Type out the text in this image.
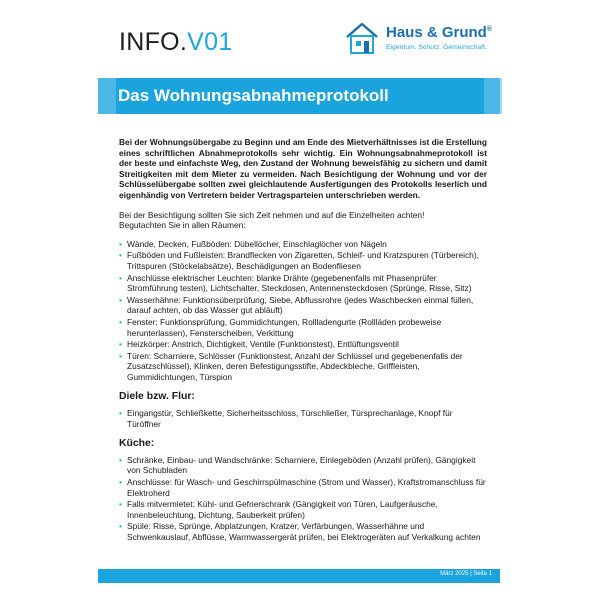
INFO.V01	Haus & Grund®
Eigentum. Schutz. Gemeinschaft.
Das Wohnungsabnahmeprotokoll

Bei der Wohnungsübergabe zu Beginn und am Ende des Mietverhältnisses ist die Erstellung eines schriftlichen Abnahmeprotokolls sehr wichtig. Ein Wohnungsabnahmeprotokoll ist der beste und einfachste Weg, den Zustand der Wohnung beweisfähig zu sichern und damit Streitigkeiten mit dem Mieter zu vermeiden. Nach Besichtigung der Wohnung und vor der Schlüsselübergabe sollten zwei gleichlautende Ausfertigungen des Protokolls leserlich und eigenhändig von Vertretern beider Vertragsparteien unterschrieben werden.

Bei der Besichtigung sollten Sie sich Zeit nehmen und auf die Einzelheiten achten!

Begutachten Sie in allen Räumen:

• Wände, Decken, Fußböden: Dübellöcher, Einschlaglöcher von Nägeln
• Fußböden und Fußleisten: Brandflecken von Zigaretten, Schleif- und Kratzspuren (Türbereich), Trittspuren (Stöckelabsätze), Beschädigungen an Bodenfliesen
• Anschlüsse elektrischer Leuchten: blanke Drähte (gegebenenfalls mit Phasenprüfer Stromführung testen), Lichtschalter, Steckdosen, Antennensteckdosen (Sprünge, Risse, Sitz)
• Wasserhähne: Funktionsüberprüfung, Siebe, Abflussrohre (jedes Waschbecken einmal füllen, darauf achten, ob das Wasser gut abläuft)
• Fenster: Funktionsprüfung, Gummidichtungen, Rollladengurte (Rollläden probeweise herunterlassen), Fensterscheiben, Verkittung
• Heizkörper: Anstrich, Dichtigkeit, Ventile (Funktionstest), Entlüftungsventil
• Türen: Scharniere, Schlösser (Funktionstest, Anzahl der Schlüssel und gegebenenfalls der Zusatzschlüssel), Klinken, deren Befestigungsstifte, Abdeckbleche, Griffleisten, Gummidichtungen, Türspion
Diele bzw. Flur:
• Eingangstür, Schließkette, Sicherheitsschloss, Türschließer, Türsprechanlage, Knopf für Türöffner
Küche:
• Schränke, Einbau- und Wandschränke: Scharniere, Einlegeböden (Anzahl prüfen), Gängigkeit von Schubladen
• Anschlüsse: für Wasch- und Geschirrspülmaschine (Strom und Wasser), Kraftstromanschluss für Elektroherd
• Falls mitvermietet: Kühl- und Gefrierschrank (Gängigkeit von Türen, Laufgeräusche, Innenbeleuchtung, Dichtung, Sauberkeit prüfen)
• Spüle: Risse, Sprünge, Abplatzungen, Kratzer, Verfärbungen, Wasserhähne und Schwenkauslauf, Abflüsse, Warmwassergerät prüfen, bei Elektrogeräten auf Verkalkung achten
März 2025 | Seite 1
